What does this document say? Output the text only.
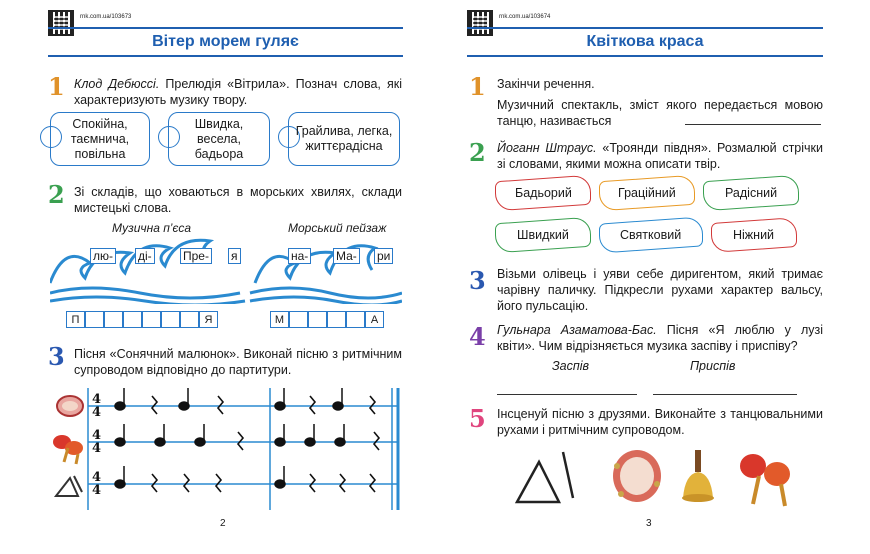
rnk.com.ua/103673
Вітер морем гуляє
1 Клод Дебюссі. Прелюдія «Вітрила». Познач слова, які характеризують музику твору.
Спокійна, таємнича, повільна
Швидка, весела, бадьора
Грайлива, легка, життєрадісна
2 Зі складів, що ховаються в морських хвилях, склади мистецькі слова.
Музична п’єса	Морський пейзаж
лю- ді-	Пре- я	на- Ма- ри
П	Я	М	А
3 Пісня «Сонячний малюнок». Виконай пісню з ритмічним супроводом відповідно до партитури.
4
4
4
4
4
4
2
rnk.com.ua/103674
Квіткова краса
1 Закінчи речення.
Музичний спектакль, зміст якого передається мовою танцю, називається
2 Йоганн Штраус. «Троянди півдня». Розмалюй стрічки зі словами, якими можна описати твір.
Бадьорий	Граційний	Радісний
Швидкий	Святковий	Ніжний
3 Візьми олівець і уяви себе диригентом, який тримає чарівну паличку. Підкресли рухами характер вальсу, його пульсацію.
4 Гульнара Азаматова-Бас. Пісня «Я люблю у лузі квіти». Чим відрізняється музика заспіву і приспіву?
Заспів	Приспів
5 Інсценуй пісню з друзями. Виконайте з танцювальними рухами і ритмічним супроводом.
3
